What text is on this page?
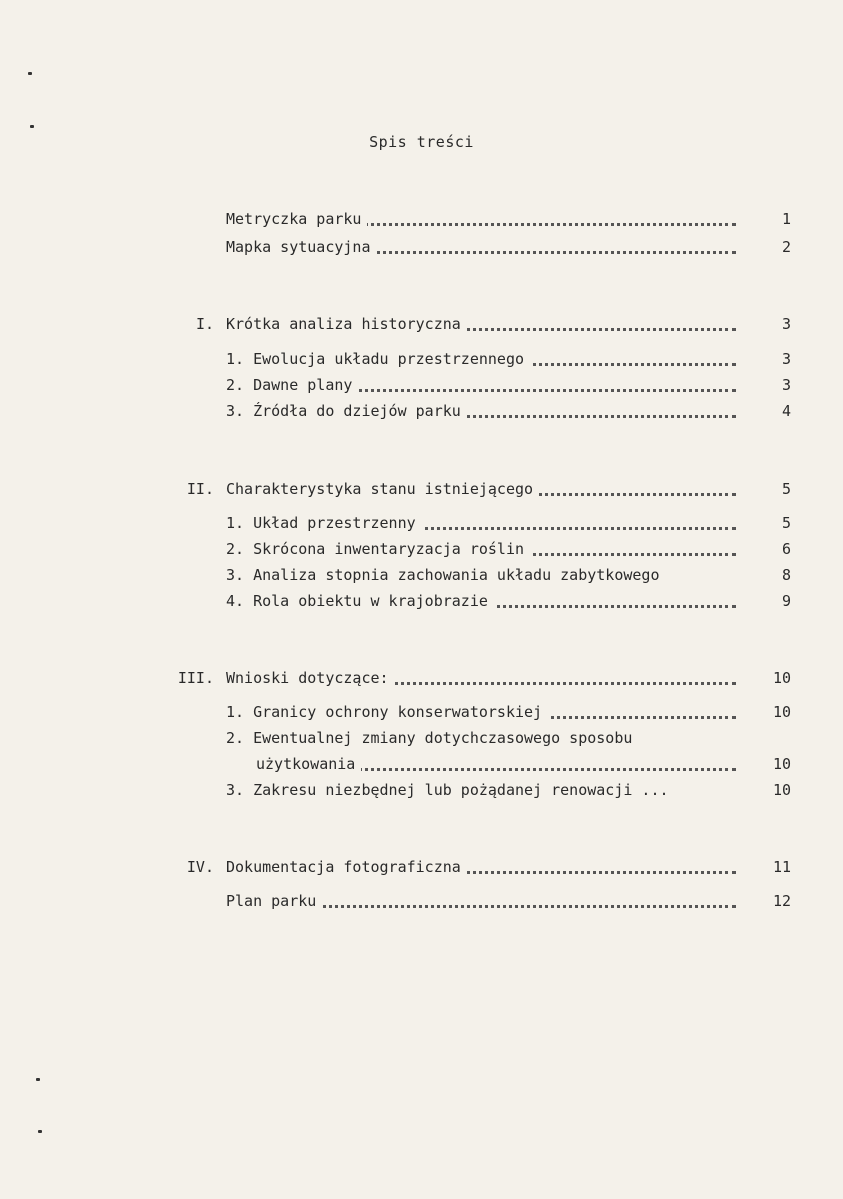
Spis treści
Metryczka parku	1
Mapka sytuacyjna	2
I. Krótka analiza historyczna	3
1. Ewolucja układu przestrzennego	3
2. Dawne plany	3
3. Źródła do dziejów parku	4
II. Charakterystyka stanu istniejącego	5
1. Układ przestrzenny	5
2. Skrócona inwentaryzacja roślin	6
3. Analiza stopnia zachowania układu zabytkowego	8
4. Rola obiektu w krajobrazie	9
III. Wnioski dotyczące:	10
1. Granicy ochrony konserwatorskiej	10
2. Ewentualnej zmiany dotychczasowego sposobu
użytkowania	10
3. Zakresu niezbędnej lub pożądanej renowacji ...	10
IV. Dokumentacja fotograficzna	11
Plan parku	12
